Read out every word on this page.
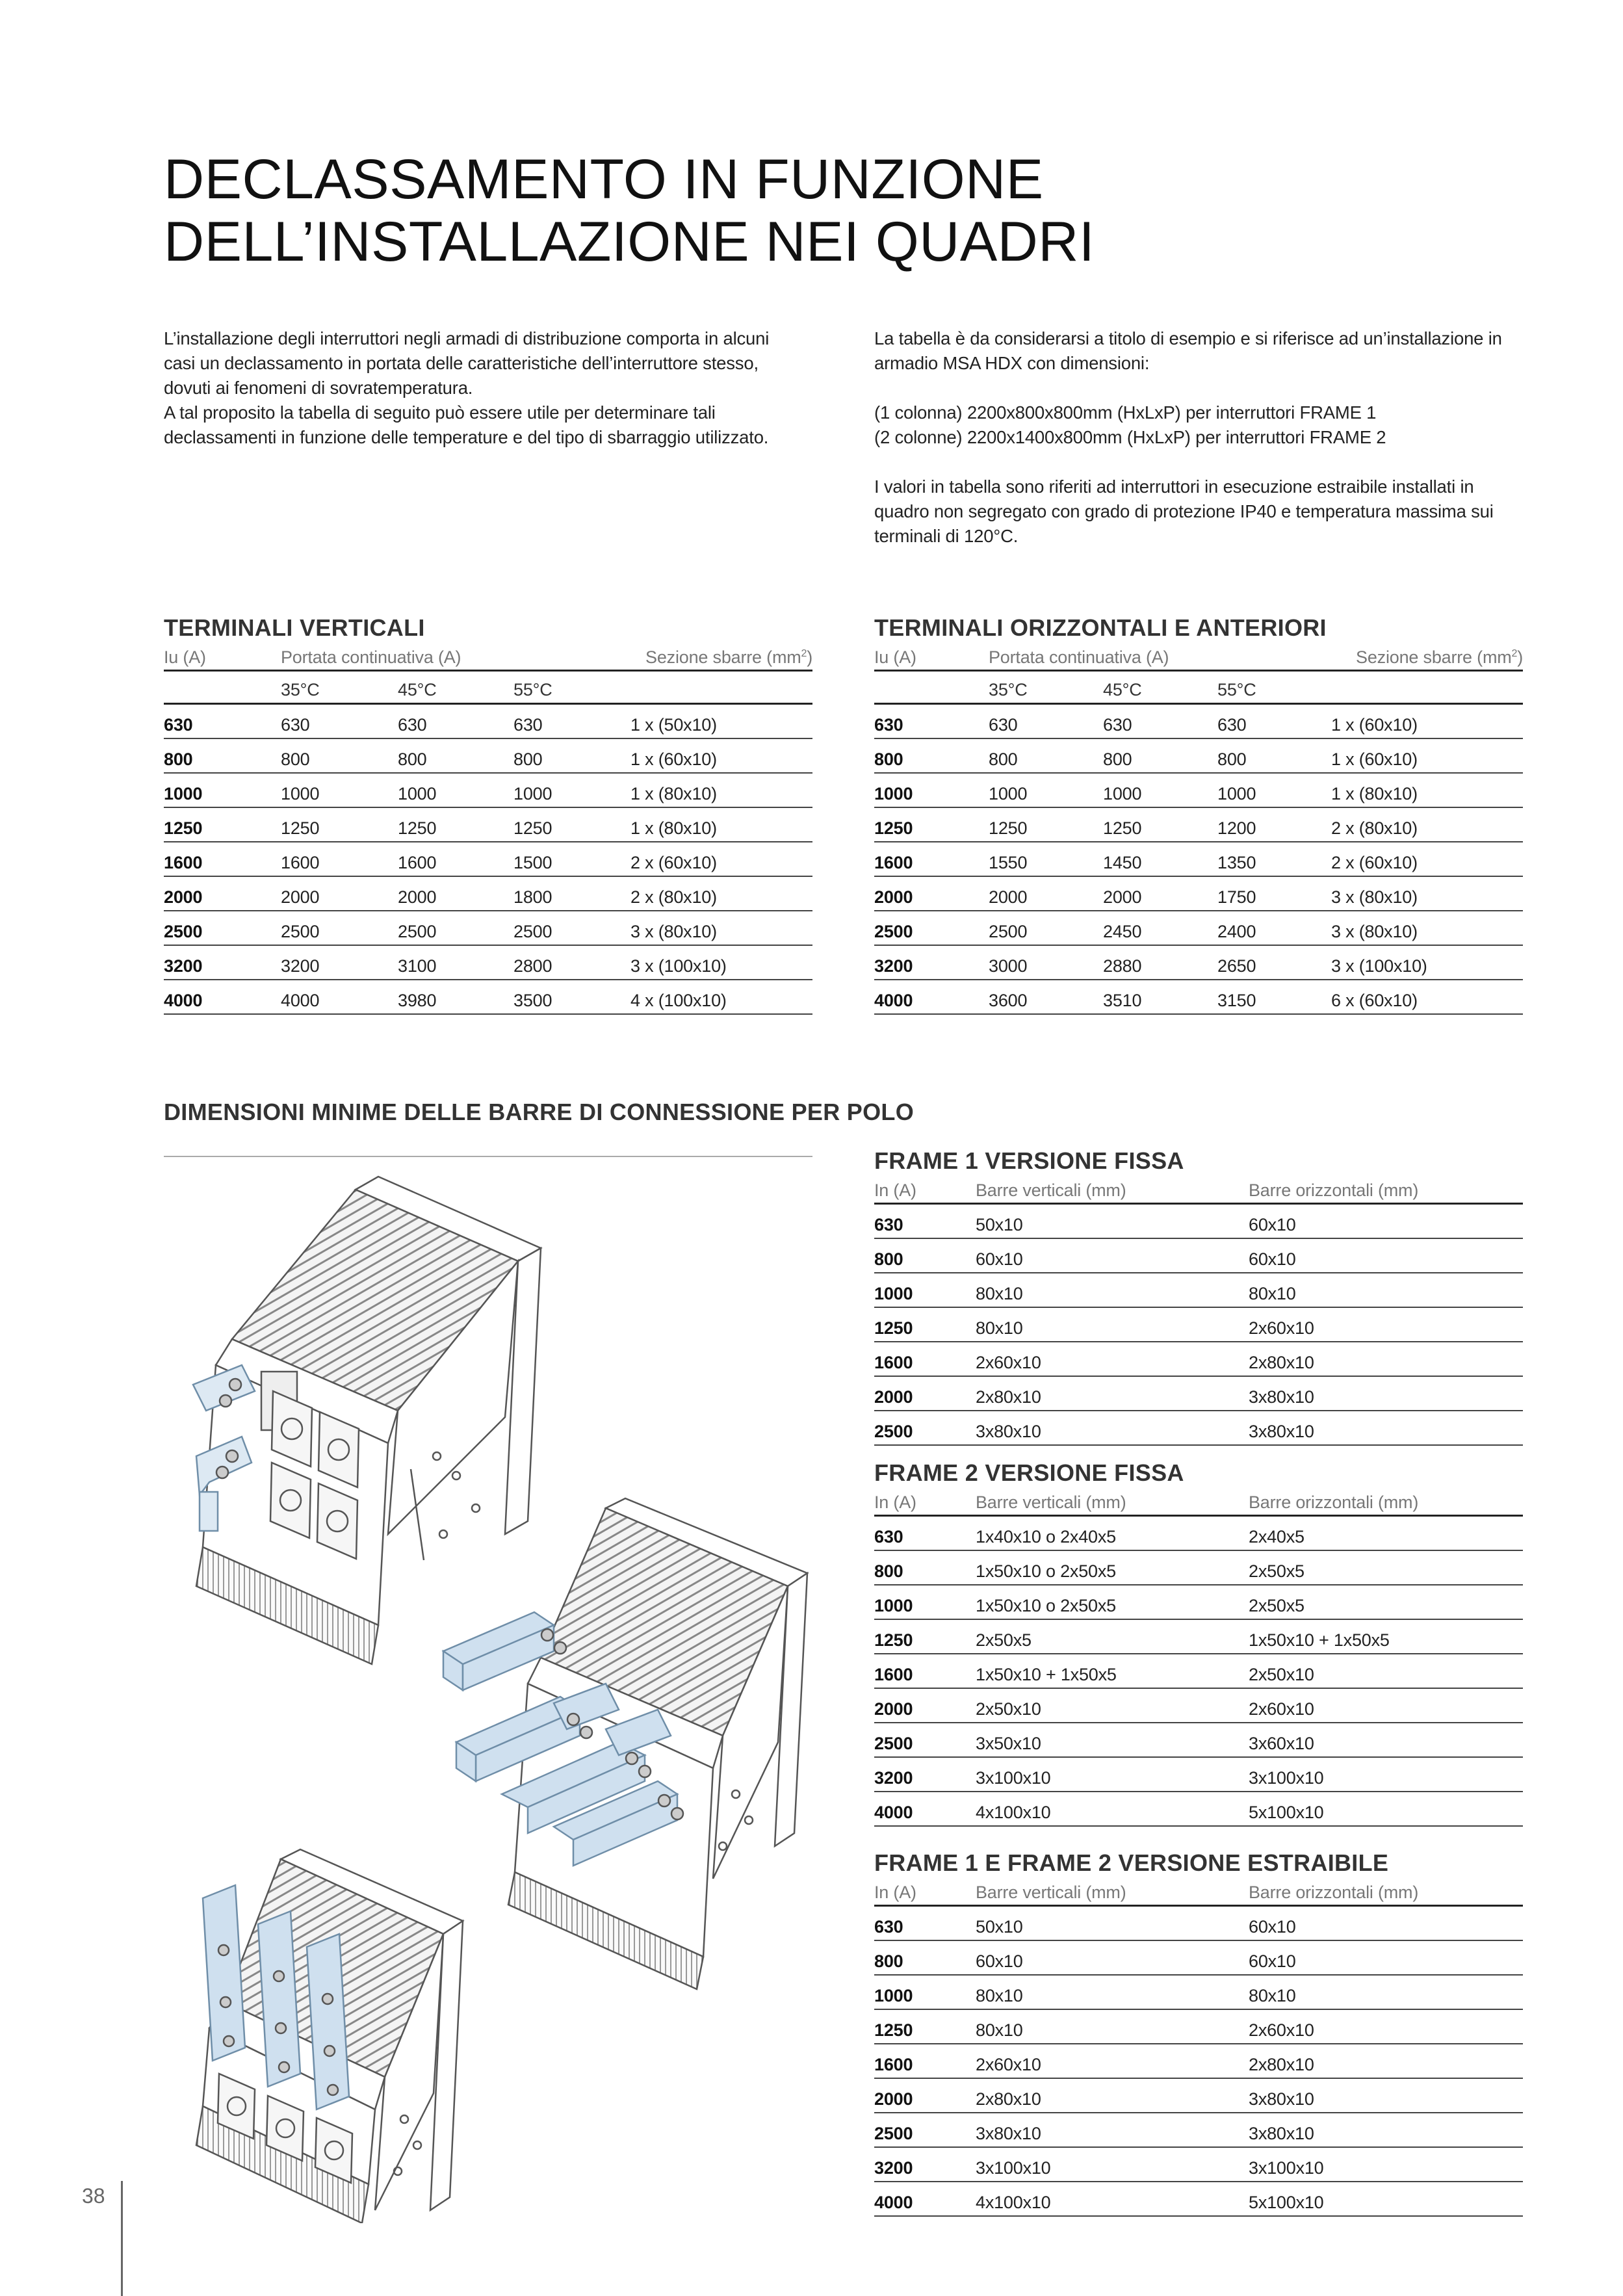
DECLASSAMENTO IN FUNZIONE
DELL’INSTALLAZIONE NEI QUADRI

L’installazione degli interruttori negli armadi di distribuzione comporta in alcuni

casi un declassamento in portata delle caratteristiche dell’interruttore stesso,

dovuti ai fenomeni di sovratemperatura.

A tal proposito la tabella di seguito può essere utile per determinare tali

declassamenti in funzione delle temperature e del tipo di sbarraggio utilizzato.

La tabella è da considerarsi a titolo di esempio e si riferisce ad un’installazione in

armadio MSA HDX con dimensioni:

(1 colonna) 2200x800x800mm (HxLxP) per interruttori FRAME 1

(2 colonne) 2200x1400x800mm (HxLxP) per interruttori FRAME 2

I valori in tabella sono riferiti ad interruttori in esecuzione estraibile installati in

quadro non segregato con grado di protezione IP40 e temperatura massima sui

terminali di 120°C.

TERMINALI VERTICALI

Iu (A)	Portata continuativa (A)			Sezione sbarre $(mm^2)$
	35°C	45°C	55°C	
630	630	630	630	1 x (50x10)
800	800	800	800	1 x (60x10)
1000	1000	1000	1000	1 x (80x10)
1250	1250	1250	1250	1 x (80x10)
1600	1600	1600	1500	2 x (60x10)
2000	2000	2000	1800	2 x (80x10)
2500	2500	2500	2500	3 x (80x10)
3200	3200	3100	2800	3 x (100x10)
4000	4000	3980	3500	4 x (100x10)

TERMINALI ORIZZONTALI E ANTERIORI

Iu (A)	Portata continuativa (A)			Sezione sbarre $(mm^2)$
	35°C	45°C	55°C	
630	630	630	630	1 x (60x10)
800	800	800	800	1 x (60x10)
1000	1000	1000	1000	1 x (80x10)
1250	1250	1250	1200	2 x (80x10)
1600	1550	1450	1350	2 x (60x10)
2000	2000	2000	1750	3 x (80x10)
2500	2500	2450	2400	3 x (80x10)
3200	3000	2880	2650	3 x (100x10)
4000	3600	3510	3150	6 x (60x10)

DIMENSIONI MINIME DELLE BARRE DI CONNESSIONE PER POLO

FRAME 1 VERSIONE FISSA

In (A)	Barre verticali (mm)	Barre orizzontali (mm)
630	50x10	60x10
800	60x10	60x10
1000	80x10	80x10
1250	80x10	2x60x10
1600	2x60x10	2x80x10
2000	2x80x10	3x80x10
2500	3x80x10	3x80x10

FRAME 2 VERSIONE FISSA

In (A)	Barre verticali (mm)	Barre orizzontali (mm)
630	1x40x10 o 2x40x5	2x40x5
800	1x50x10 o 2x50x5	2x50x5
1000	1x50x10 o 2x50x5	2x50x5
1250	2x50x5	1x50x10 + 1x50x5
1600	1x50x10 + 1x50x5	2x50x10
2000	2x50x10	2x60x10
2500	3x50x10	3x60x10
3200	3x100x10	3x100x10
4000	4x100x10	5x100x10

FRAME 1 E FRAME 2 VERSIONE ESTRAIBILE

In (A)	Barre verticali (mm)	Barre orizzontali (mm)
630	50x10	60x10
800	60x10	60x10
1000	80x10	80x10
1250	80x10	2x60x10
1600	2x60x10	2x80x10
2000	2x80x10	3x80x10
2500	3x80x10	3x80x10
3200	3x100x10	3x100x10
4000	4x100x10	5x100x10
38
